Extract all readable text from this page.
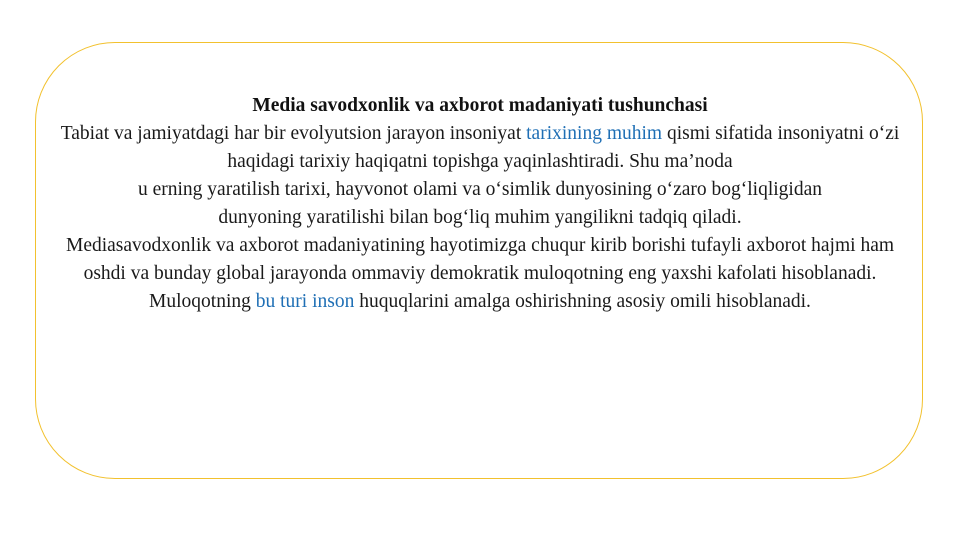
Media savodxonlik va axborot madaniyati tushunchasi

Tabiat va jamiyatdagi har bir evolyutsion jarayon insoniyat tarixining muhim qismi sifatida insoniyatni o‘zi haqidagi tarixiy haqiqatni topishga yaqinlashtiradi. Shu ma’noda

u erning yaratilish tarixi, hayvonot olami va o‘simlik dunyosining o‘zaro bog‘liqligidan

dunyoning yaratilishi bilan bog‘liq muhim yangilikni tadqiq qiladi.

Mediasavodxonlik va axborot madaniyatining hayotimizga chuqur kirib borishi tufayli axborot hajmi ham oshdi va bunday global jarayonda ommaviy demokratik muloqotning eng yaxshi kafolati hisoblanadi. Muloqotning bu turi inson huquqlarini amalga oshirishning asosiy omili hisoblanadi.
